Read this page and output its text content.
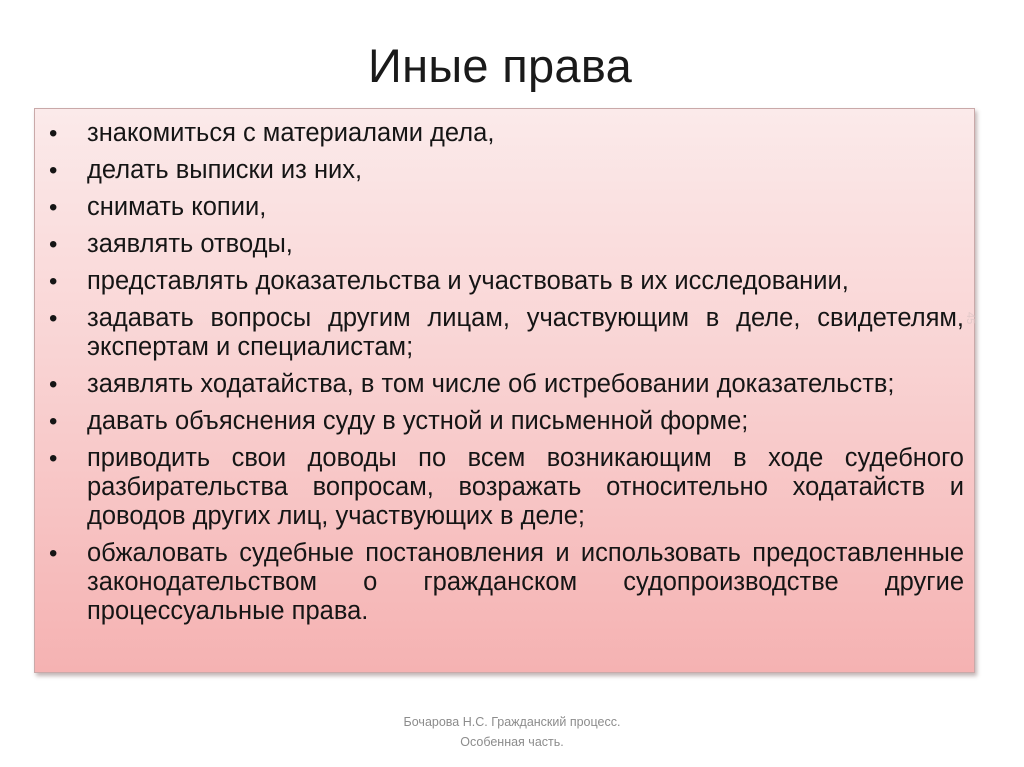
Иные права
• знакомиться с материалами дела,
• делать выписки из них,
• снимать копии,
• заявлять отводы,
• представлять доказательства и участвовать в их исследовании,
• задавать вопросы другим лицам, участвующим в деле, свидетелям, экспертам и специалистам;
• заявлять ходатайства, в том числе об истребовании доказательств;
• давать объяснения суду в устной и письменной форме;
• приводить свои доводы по всем возникающим в ходе судебного разбирательства вопросам, возражать относительно ходатайств и доводов других лиц, участвующих в деле;
• обжаловать судебные постановления и использовать предоставленные законодательством о гражданском судопроизводстве другие процессуальные права.
45
Бочарова Н.С. Гражданский процесс.
Особенная часть.
